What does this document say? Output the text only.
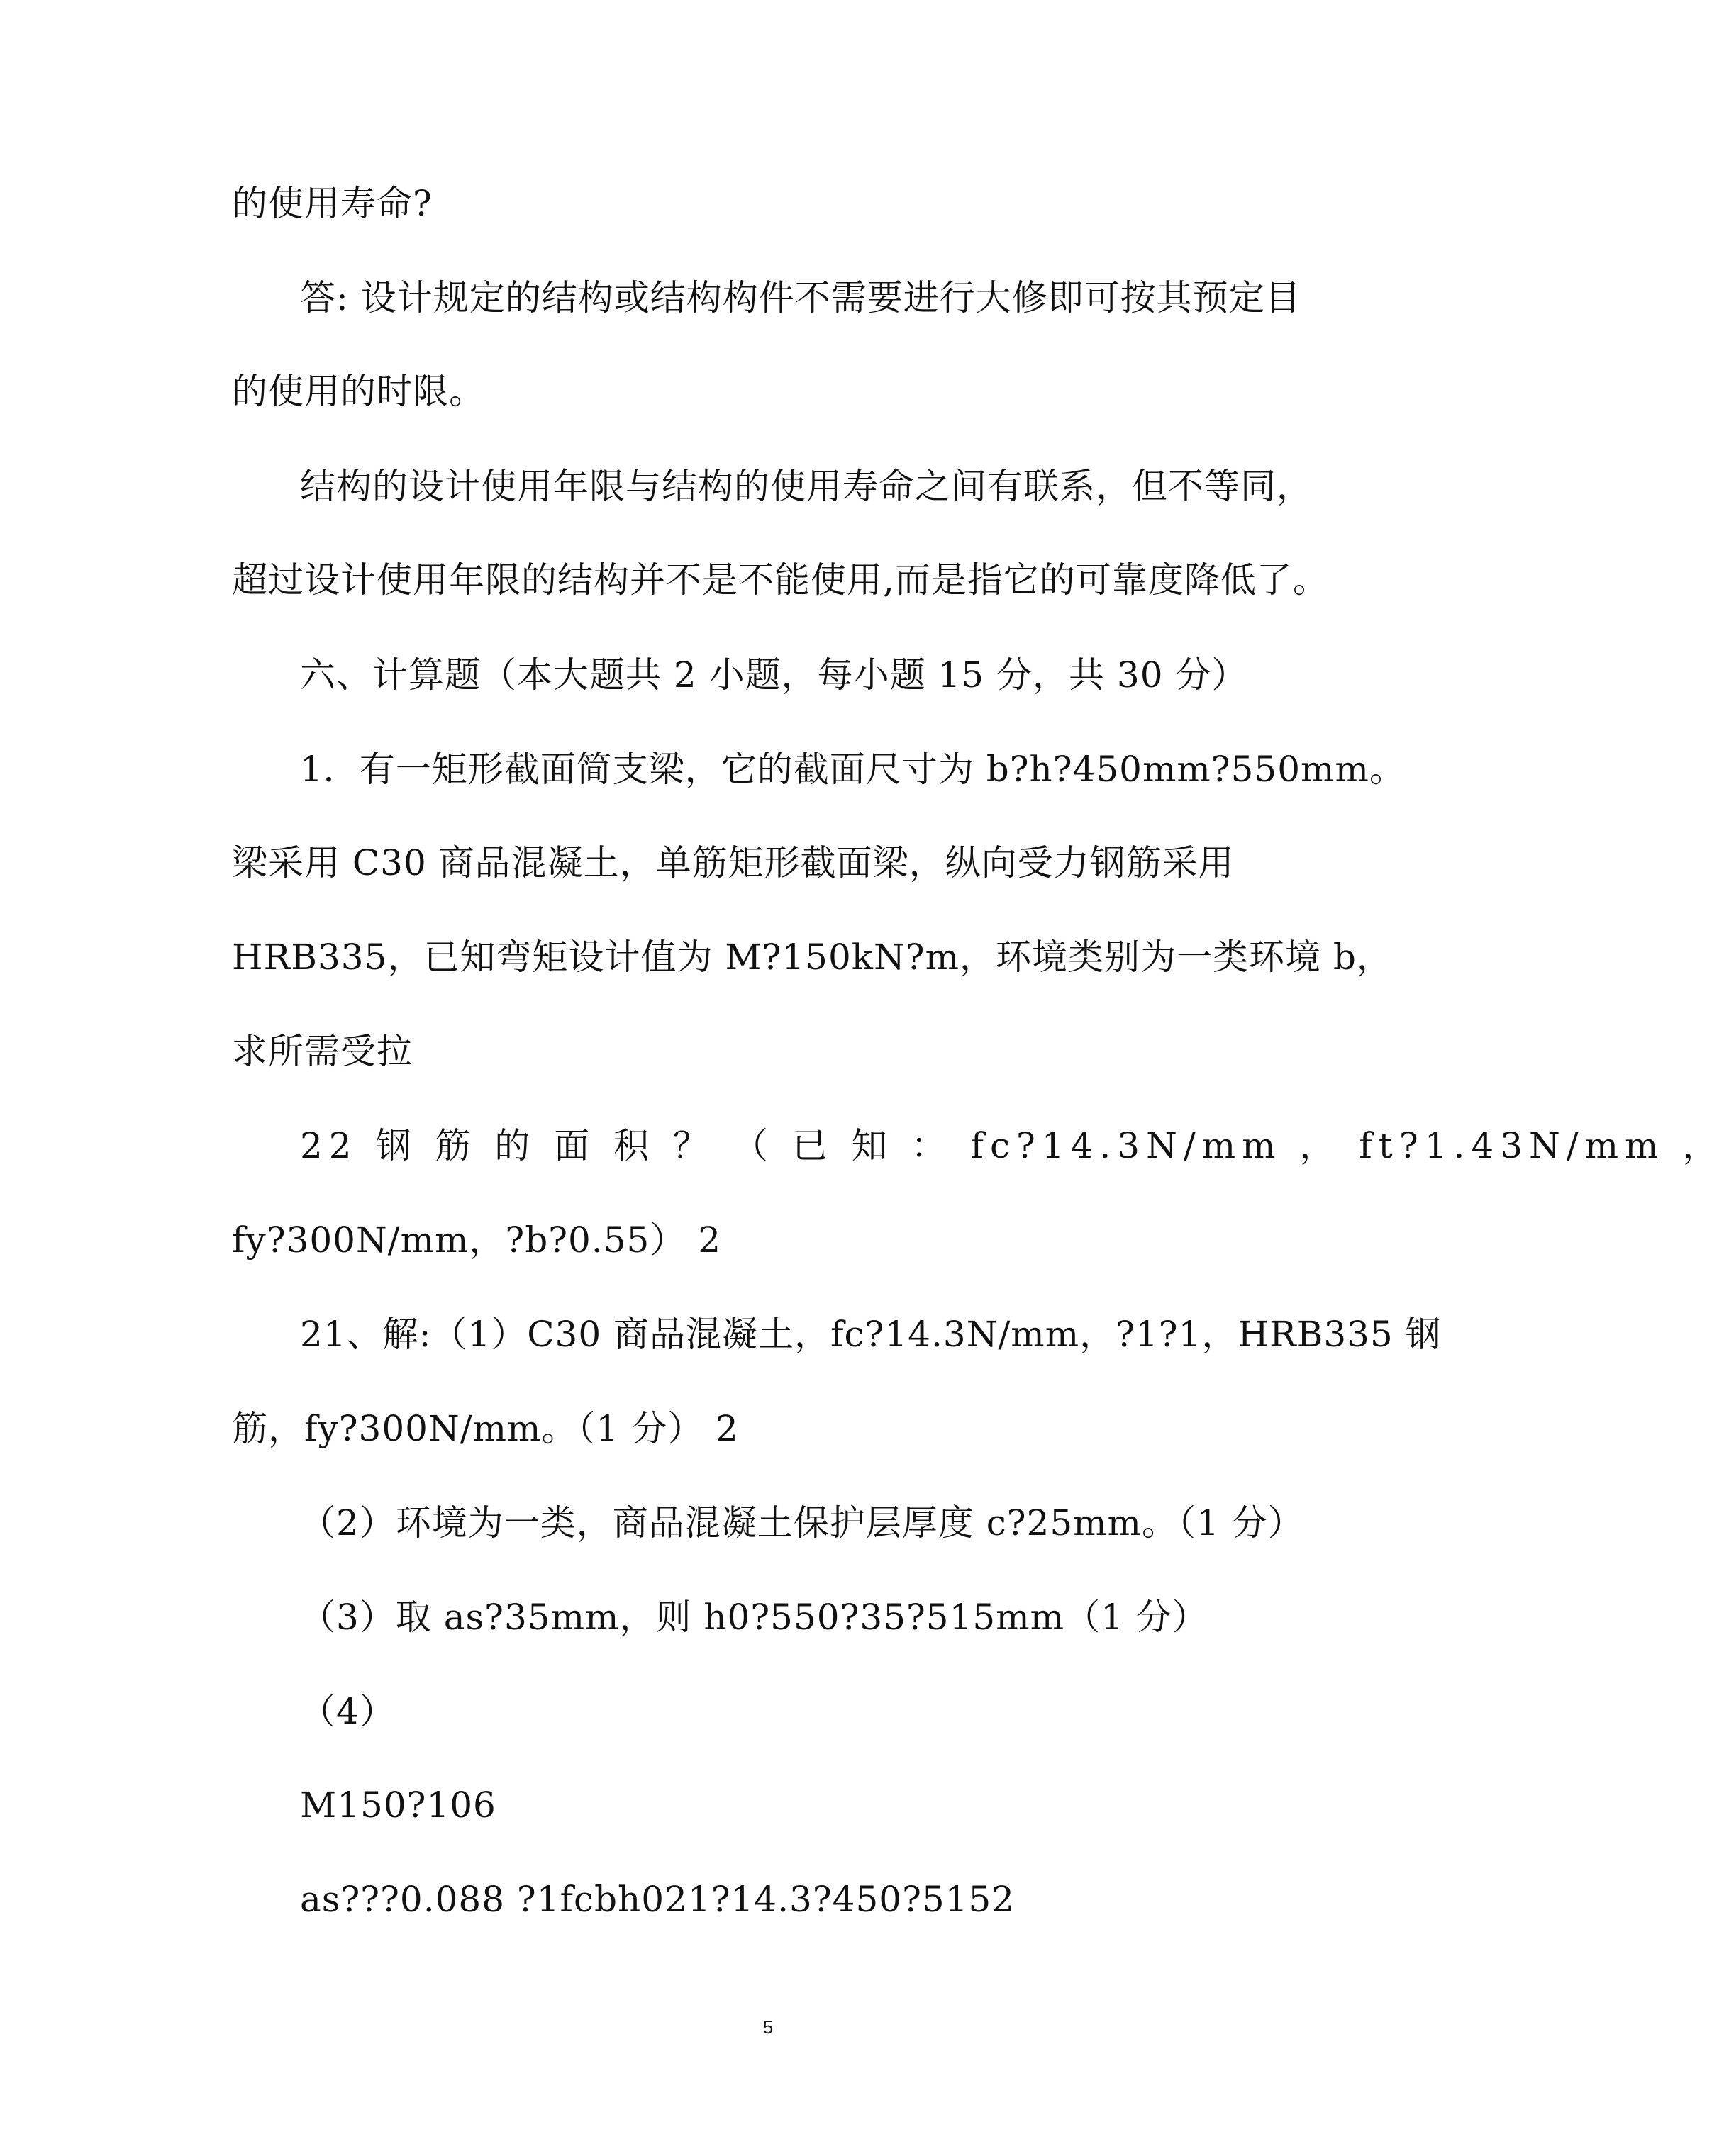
的使用寿命?
答: 设计规定的结构或结构构件不需要进行大修即可按其预定目
的使用的时限。
结构的设计使用年限与结构的使用寿命之间有联系，但不等同，
超过设计使用年限的结构并不是不能使用,而是指它的可靠度降低了。
六、计算题（本大题共 2 小题，每小题 15 分，共 30 分）
1．有一矩形截面简支梁，它的截面尺寸为 b?h?450mm?550mm。
梁采用 C30 商品混凝土，单筋矩形截面梁，纵向受力钢筋采用
HRB335，已知弯矩设计值为 M?150kN?m，环境类别为一类环境 b，
求所需受拉
22 钢 筋 的 面 积 ？ （ 已 知 ： fc?14.3N/mm ， ft?1.43N/mm ，
fy?300N/mm，?b?0.55） 2
21、解:（1）C30 商品混凝土，fc?14.3N/mm，?1?1，HRB335 钢
筋，fy?300N/mm。（1 分） 2
（2）环境为一类，商品混凝土保护层厚度 c?25mm。（1 分）
（3）取 as?35mm，则 h0?550?35?515mm（1 分）
（4）
M150?106
as???0.088 ?1fcbh021?14.3?450?5152
5
